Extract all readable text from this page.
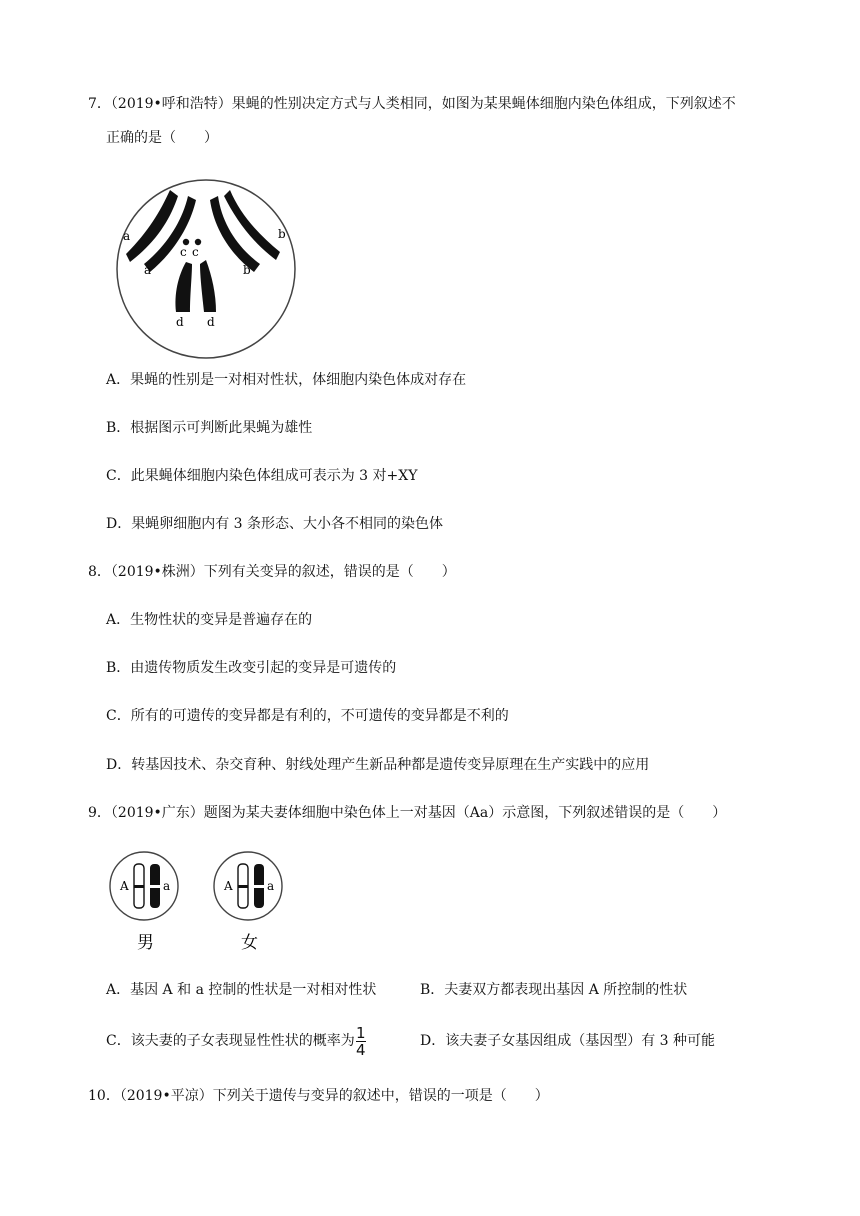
7．（2019•呼和浩特）果蝇的性别决定方式与人类相同，如图为某果蝇体细胞内染色体组成，下列叙述不
正确的是（　　）
a
a
c c
b
b
d d
A．果蝇的性别是一对相对性状，体细胞内染色体成对存在
B．根据图示可判断此果蝇为雄性
C．此果蝇体细胞内染色体组成可表示为 3 对+XY
D．果蝇卵细胞内有 3 条形态、大小各不相同的染色体
8．（2019•株洲）下列有关变异的叙述，错误的是（　　）
A．生物性状的变异是普遍存在的
B．由遗传物质发生改变引起的变异是可遗传的
C．所有的可遗传的变异都是有利的，不可遗传的变异都是不利的
D．转基因技术、杂交育种、射线处理产生新品种都是遗传变异原理在生产实践中的应用
9．（2019•广东）题图为某夫妻体细胞中染色体上一对基因（Aa）示意图，下列叙述错误的是（　　）
A	a
男
A	a
女
A．基因 A 和 a 控制的性状是一对相对性状	B．夫妻双方都表现出基因 A 所控制的性状
C．该夫妻的子女表现显性性状的概率为 $\frac{1}{4}$	D．该夫妻子女基因组成（基因型）有 3 种可能
10．（2019•平凉）下列关于遗传与变异的叙述中，错误的一项是（　　）
